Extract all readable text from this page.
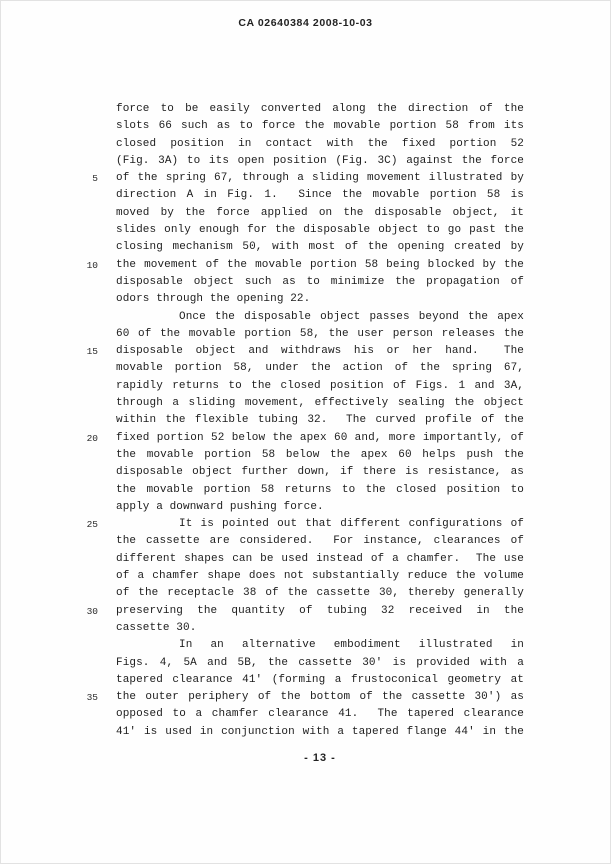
CA 02640384 2008-10-03
force to be easily converted along the direction of the
slots 66 such as to force the movable portion 58 from its
closed position in contact with the fixed portion 52
(Fig. 3A) to its open position (Fig. 3C) against the force
5 of the spring 67, through a sliding movement illustrated by
direction A in Fig. 1.  Since the movable portion 58 is
moved by the force applied on the disposable object, it
slides only enough for the disposable object to go past the
closing mechanism 50, with most of the opening created by
10 the movement of the movable portion 58 being blocked by the
disposable object such as to minimize the propagation of
odors through the opening 22.
Once the disposable object passes beyond the apex
60 of the movable portion 58, the user person releases the
15 disposable object and withdraws his or her hand.  The
movable portion 58, under the action of the spring 67,
rapidly returns to the closed position of Figs. 1 and 3A,
through a sliding movement, effectively sealing the object
within the flexible tubing 32.  The curved profile of the
20 fixed portion 52 below the apex 60 and, more importantly, of
the movable portion 58 below the apex 60 helps push the
disposable object further down, if there is resistance, as
the movable portion 58 returns to the closed position to
apply a downward pushing force.
25	It is pointed out that different configurations of
the cassette are considered.  For instance, clearances of
different shapes can be used instead of a chamfer.  The use
of a chamfer shape does not substantially reduce the volume
of the receptacle 38 of the cassette 30, thereby generally
30 preserving the quantity of tubing 32 received in the
cassette 30.
In an alternative embodiment illustrated in
Figs. 4, 5A and 5B, the cassette 30' is provided with a
tapered clearance 41' (forming a frustoconical geometry at
35 the outer periphery of the bottom of the cassette 30') as
opposed to a chamfer clearance 41.  The tapered clearance
41' is used in conjunction with a tapered flange 44' in the
- 13 -
